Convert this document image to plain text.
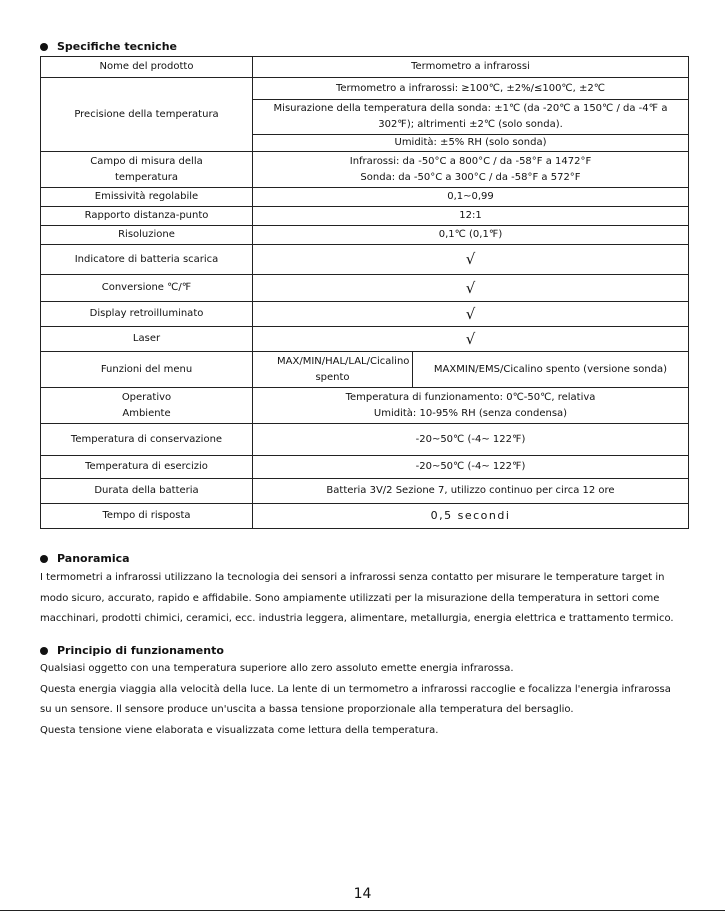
Specifiche tecniche
Nome del prodotto	Termometro a infrarossi	
Precisione della temperatura	Termometro a infrarossi: ≥100℃, ±2%/≤100℃, ±2℃	
	Misurazione della temperatura della sonda: ±1℃ (da -20℃ a 150℃ / da -4℉ a 302℉); altrimenti ±2℃ (solo sonda).	
	Umidità: ±5% RH (solo sonda)	
Campo di misura della temperatura	Infrarossi: da -50°C a 800°C / da -58°F a 1472°F
Sonda: da -50°C a 300°C / da -58°F a 572°F	

Emissività regolabile	0,1~0,99	
Rapporto distanza-punto	12:1	
Risoluzione	0,1℃ (0,1℉)	
Indicatore di batteria scarica	√	
Conversione ℃/℉	√	
Display retroilluminato	√	
Laser	√	
Funzioni del menu	MAX/MIN/HAL/LAL/Cicalino spento	MAXMIN/EMS/Cicalino spento (versione sonda)
Operativo Ambiente	Temperatura di funzionamento: 0℃-50℃, relativa
Umidità: 10-95% RH (senza condensa)	

Temperatura di conservazione	-20~50℃ (-4~ 122℉)	
Temperatura di esercizio	-20~50℃ (-4~ 122℉)	
Durata della batteria	Batteria 3V/2 Sezione 7, utilizzo continuo per circa 12 ore	
Tempo di risposta	0,5 secondi	
Panoramica

I termometri a infrarossi utilizzano la tecnologia dei sensori a infrarossi senza contatto per misurare le temperature target in modo sicuro, accurato, rapido e affidabile. Sono ampiamente utilizzati per la misurazione della temperatura in settori come macchinari, prodotti chimici, ceramici, ecc. industria leggera, alimentare, metallurgia, energia elettrica e trattamento termico.

Principio di funzionamento
Qualsiasi oggetto con una temperatura superiore allo zero assoluto emette energia infrarossa.
Questa energia viaggia alla velocità della luce. La lente di un termometro a infrarossi raccoglie e focalizza l'energia infrarossa su un sensore. Il sensore produce un'uscita a bassa tensione proporzionale alla temperatura del bersaglio.
Questa tensione viene elaborata e visualizzata come lettura della temperatura.
14
